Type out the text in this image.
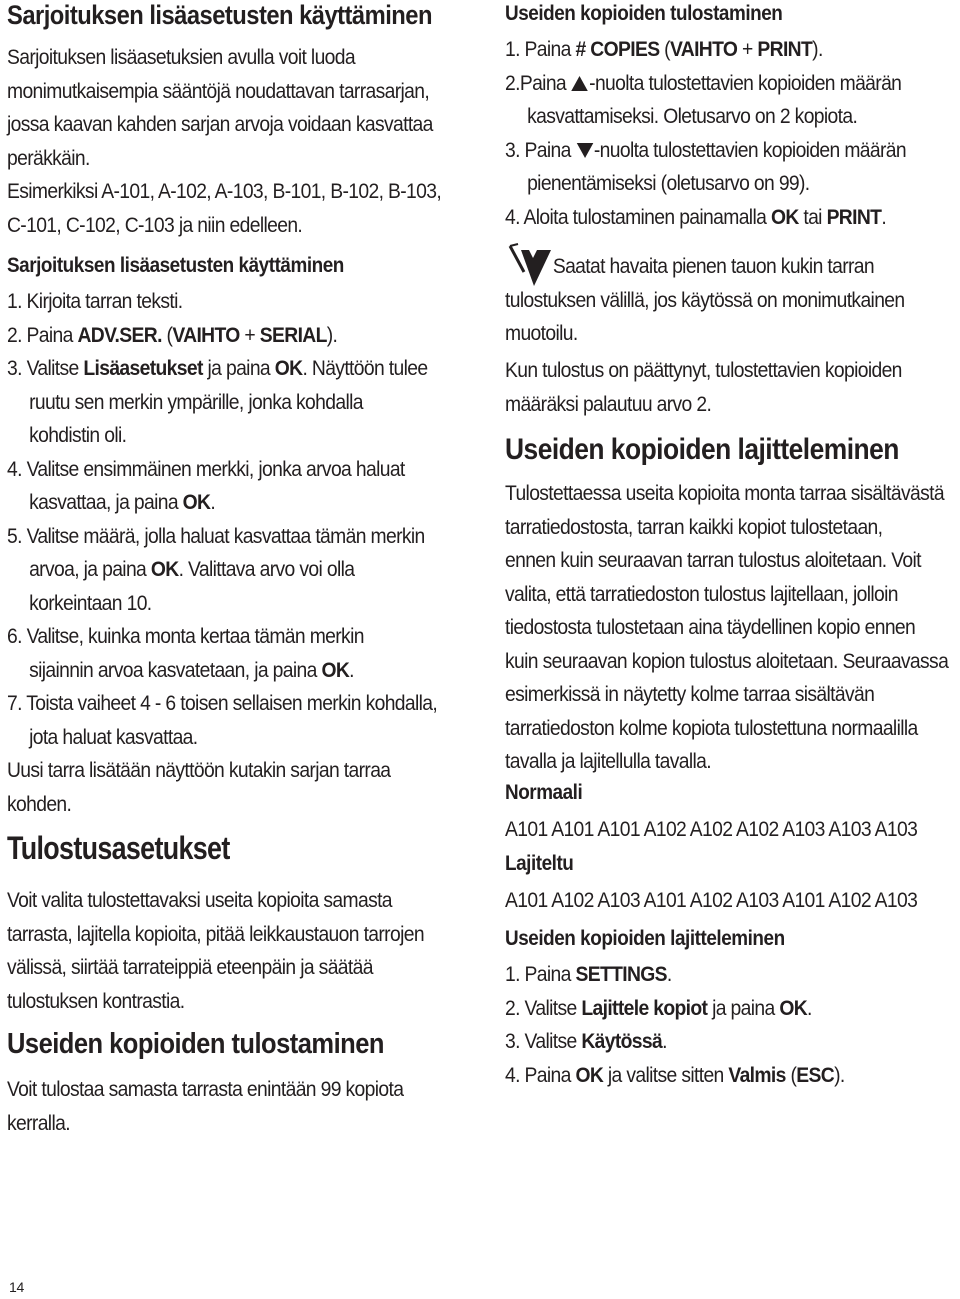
Sarjoituksen lisäasetusten käyttäminen
Sarjoituksen lisäasetuksien avulla voit luoda
monimutkaisempia sääntöjä noudattavan tarrasarjan,
jossa kaavan kahden sarjan arvoja voidaan kasvattaa
peräkkäin.
Esimerkiksi A-101, A-102, A-103, B-101, B-102, B-103,
C-101, C-102, C-103 ja niin edelleen.
Sarjoituksen lisäasetusten käyttäminen
1. Kirjoita tarran teksti.
2. Paina ADV.SER. (VAIHTO + SERIAL).
3. Valitse Lisäasetukset ja paina OK. Näyttöön tulee
ruutu sen merkin ympärille, jonka kohdalla
kohdistin oli.
4. Valitse ensimmäinen merkki, jonka arvoa haluat
kasvattaa, ja paina OK.
5. Valitse määrä, jolla haluat kasvattaa tämän merkin
arvoa, ja paina OK. Valittava arvo voi olla
korkeintaan 10.
6. Valitse, kuinka monta kertaa tämän merkin
sijainnin arvoa kasvatetaan, ja paina OK.
7. Toista vaiheet 4 - 6 toisen sellaisen merkin kohdalla,
jota haluat kasvattaa.
Uusi tarra lisätään näyttöön kutakin sarjan tarraa
kohden.
Tulostusasetukset
Voit valita tulostettavaksi useita kopioita samasta
tarrasta, lajitella kopioita, pitää leikkaustauon tarrojen
välissä, siirtää tarrateippiä eteenpäin ja säätää
tulostuksen kontrastia.
Useiden kopioiden tulostaminen
Voit tulostaa samasta tarrasta enintään 99 kopiota
kerralla.
Useiden kopioiden tulostaminen
1. Paina # COPIES (VAIHTO + PRINT).
2.Paina -nuolta tulostettavien kopioiden määrän
kasvattamiseksi. Oletusarvo on 2 kopiota.
3. Paina -nuolta tulostettavien kopioiden määrän
pienentämiseksi (oletusarvo on 99).
4. Aloita tulostaminen painamalla OK tai PRINT.
Saatat havaita pienen tauon kukin tarran
tulostuksen välillä, jos käytössä on monimutkainen
muotoilu.
Kun tulostus on päättynyt, tulostettavien kopioiden
määräksi palautuu arvo 2.
Useiden kopioiden lajitteleminen
Tulostettaessa useita kopioita monta tarraa sisältävästä
tarratiedostosta, tarran kaikki kopiot tulostetaan,
ennen kuin seuraavan tarran tulostus aloitetaan. Voit
valita, että tarratiedoston tulostus lajitellaan, jolloin
tiedostosta tulostetaan aina täydellinen kopio ennen
kuin seuraavan kopion tulostus aloitetaan. Seuraavassa
esimerkissä in näytetty kolme tarraa sisältävän
tarratiedoston kolme kopiota tulostettuna normaalilla
tavalla ja lajitellulla tavalla.
Normaali
A101 A101 A101 A102 A102 A102 A103 A103 A103
Lajiteltu
A101 A102 A103 A101 A102 A103 A101 A102 A103
Useiden kopioiden lajitteleminen
1. Paina SETTINGS.
2. Valitse Lajittele kopiot ja paina OK.
3. Valitse Käytössä.
4. Paina OK ja valitse sitten Valmis (ESC).
14
